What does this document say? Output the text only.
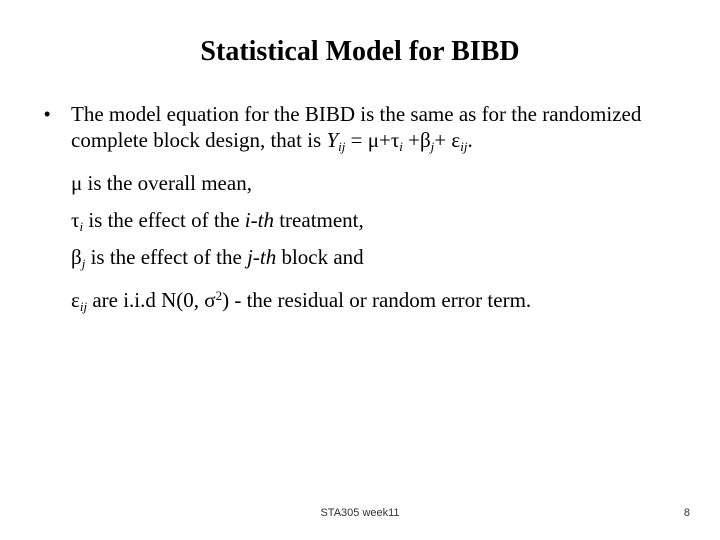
Statistical Model for BIBD
• The model equation for the BIBD is the same as for the randomized complete block design, that is $Y_{ij} = \mu+\tau_i +\beta_j+ \varepsilon_{ij}$.
μ is the overall mean,
$\tau_i$ is the effect of the i-th treatment,
$\beta_j$ is the effect of the j-th block and
$\varepsilon_{ij}$ are i.i.d N(0, $\sigma^2$) - the residual or random error term.
STA305 week11	8
